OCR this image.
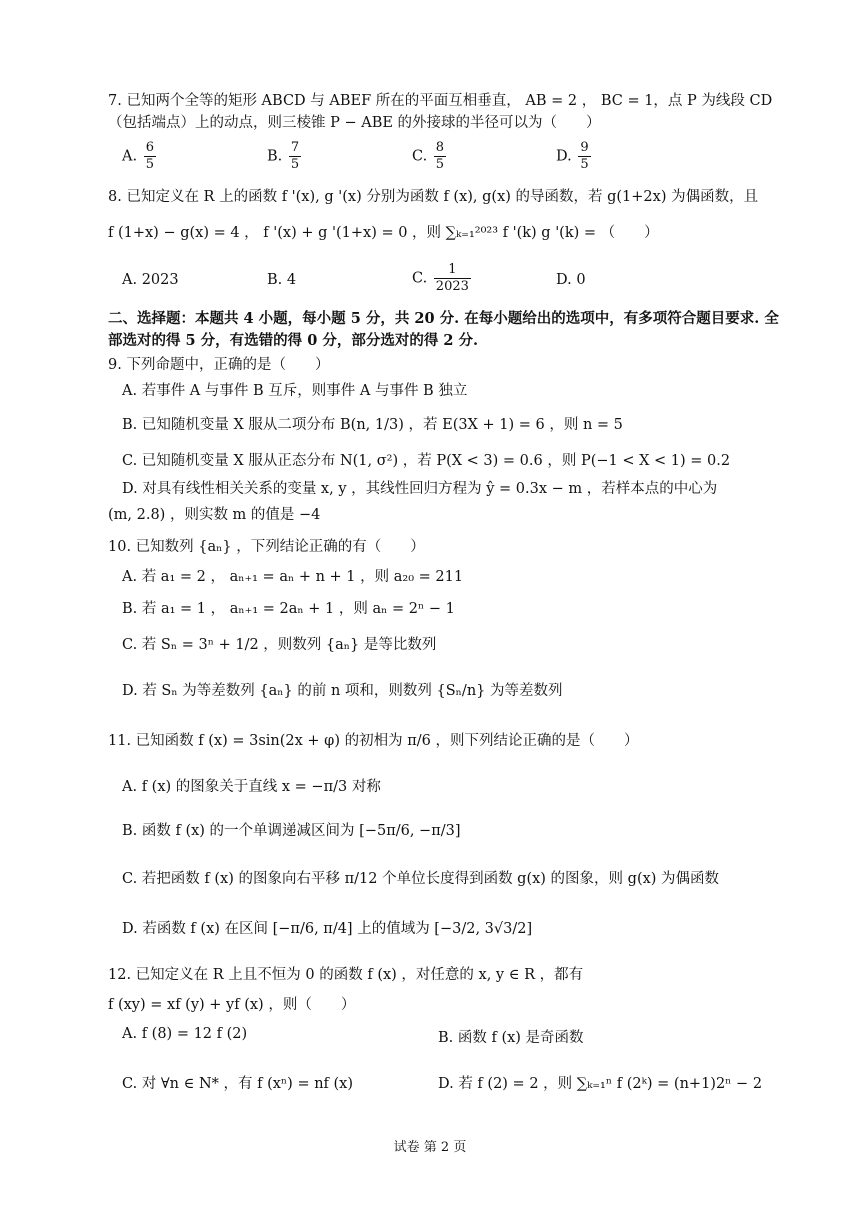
7. 已知两个全等的矩形 ABCD 与 ABEF 所在的平面互相垂直， AB = 2 ， BC = 1，点 P 为线段 CD
（包括端点）上的动点，则三棱锥 P − ABE 的外接球的半径可以为（　　）
A. $\frac{6}{5}$	B. $\frac{7}{5}$	C. $\frac{8}{5}$	D. $\frac{9}{5}$
8. 已知定义在 R 上的函数 f '(x), g '(x) 分别为函数 f (x), g(x) 的导函数，若 g(1+2x) 为偶函数，且
f (1+x) − g(x) = 4 ， f '(x) + g '(1+x) = 0 ，则 ∑ₖ₌₁²⁰²³ f '(k) g '(k) = （　　）
A. 2023	B. 4	C. $\frac{1}{2023}$	D. 0
二、选择题：本题共 4 小题，每小题 5 分，共 20 分. 在每小题给出的选项中，有多项符合题目要求. 全
部选对的得 5 分，有选错的得 0 分，部分选对的得 2 分.
9. 下列命题中，正确的是（　　）
A. 若事件 A 与事件 B 互斥，则事件 A 与事件 B 独立
B. 已知随机变量 X 服从二项分布 B(n, 1/3) ，若 E(3X + 1) = 6 ，则 n = 5
C. 已知随机变量 X 服从正态分布 N(1, σ²) ，若 P(X < 3) = 0.6 ，则 P(−1 < X < 1) = 0.2
D. 对具有线性相关关系的变量 x, y ，其线性回归方程为 ŷ = 0.3x − m ，若样本点的中心为
(m, 2.8) ，则实数 m 的值是 −4
10. 已知数列 {aₙ} ，下列结论正确的有（　　）
A. 若 a₁ = 2 ， aₙ₊₁ = aₙ + n + 1 ，则 a₂₀ = 211
B. 若 a₁ = 1 ， aₙ₊₁ = 2aₙ + 1 ，则 aₙ = 2ⁿ − 1
C. 若 Sₙ = 3ⁿ + 1/2 ，则数列 {aₙ} 是等比数列
D. 若 Sₙ 为等差数列 {aₙ} 的前 n 项和，则数列 {Sₙ/n} 为等差数列
11. 已知函数 f (x) = 3sin(2x + φ) 的初相为 π/6 ，则下列结论正确的是（　　）
A. f (x) 的图象关于直线 x = −π/3 对称
B. 函数 f (x) 的一个单调递减区间为 [−5π/6, −π/3]
C. 若把函数 f (x) 的图象向右平移 π/12 个单位长度得到函数 g(x) 的图象，则 g(x) 为偶函数
D. 若函数 f (x) 在区间 [−π/6, π/4] 上的值域为 [−3/2, 3√3/2]
12. 已知定义在 R 上且不恒为 0 的函数 f (x) ，对任意的 x, y ∈ R ，都有
f (xy) = xf (y) + yf (x) ，则（　　）
A. f (8) = 12 f (2)	B. 函数 f (x) 是奇函数
C. 对 ∀n ∈ N* ，有 f (xⁿ) = nf (x)	D. 若 f (2) = 2 ，则 ∑ₖ₌₁ⁿ f (2ᵏ) = (n+1)2ⁿ − 2
试卷 第 2 页
